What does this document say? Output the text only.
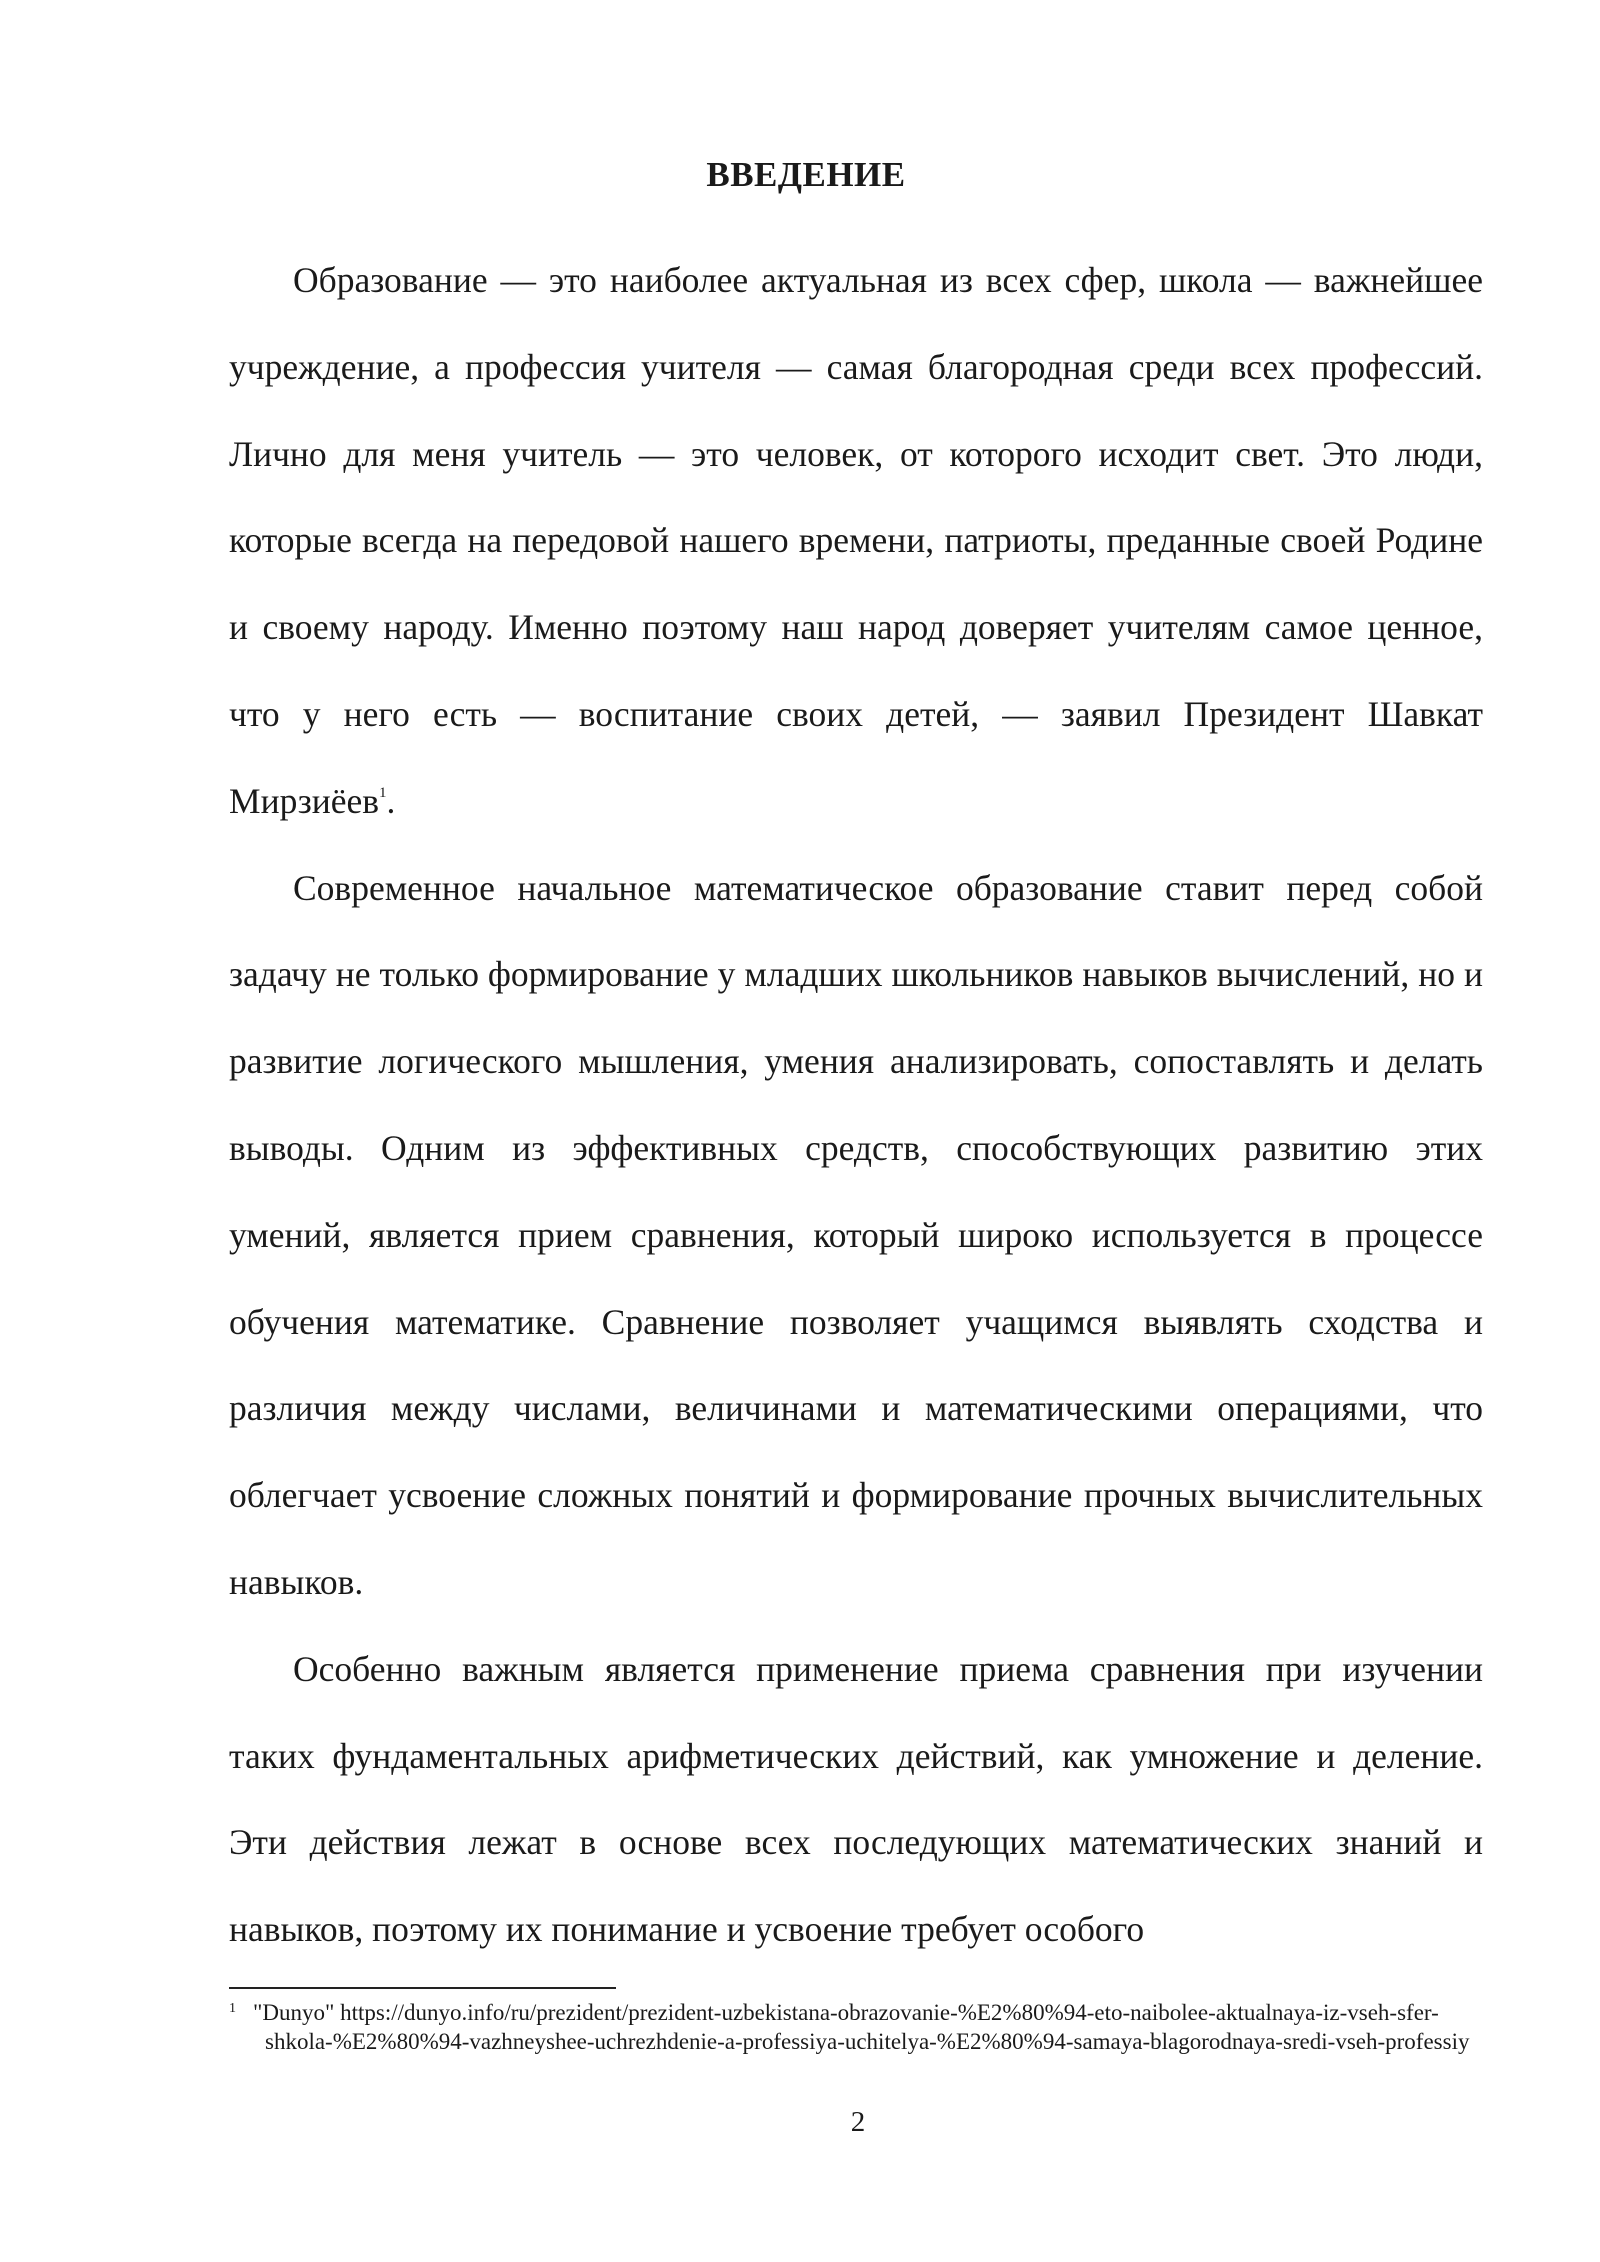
ВВЕДЕНИЕ

Образование — это наиболее актуальная из всех сфер, школа — важнейшее учреждение, а профессия учителя — самая благородная среди всех профессий. Лично для меня учитель — это человек, от которого исходит свет. Это люди, которые всегда на передовой нашего времени, патриоты, преданные своей Родине и своему народу. Именно поэтому наш народ доверяет учителям самое ценное, что у него есть — воспитание своих детей, — заявил Президент Шавкат Мирзиёев$^1$.

Современное начальное математическое образование ставит перед собой задачу не только формирование у младших школьников навыков вычислений, но и развитие логического мышления, умения анализировать, сопоставлять и делать выводы. Одним из эффективных средств, способствующих развитию этих умений, является прием сравнения, который широко используется в процессе обучения математике. Сравнение позволяет учащимся выявлять сходства и различия между числами, величинами и математическими операциями, что облегчает усвоение сложных понятий и формирование прочных вычислительных навыков.

Особенно важным является применение приема сравнения при изучении таких фундаментальных арифметических действий, как умножение и деление. Эти действия лежат в основе всех последующих математических знаний и навыков, поэтому их понимание и усвоение требует особого

1 "Dunyo" https://dunyo.info/ru/prezident/prezident-uzbekistana-obrazovanie-%E2%80%94-eto-naibolee-aktualnaya-iz-vseh-sfer-shkola-%E2%80%94-vazhneyshee-uchrezhdenie-a-professiya-uchitelya-%E2%80%94-samaya-blagorodnaya-sredi-vseh-professiy
2
